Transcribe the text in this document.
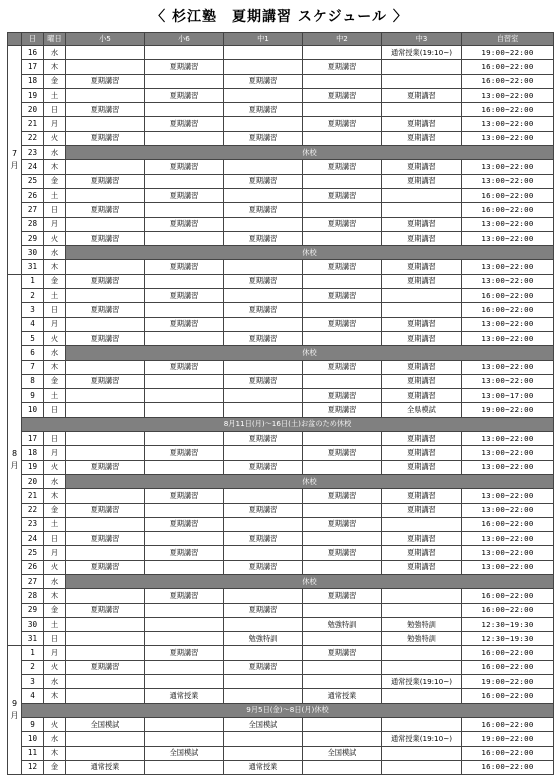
〈 杉江塾　夏期講習 スケジュール 〉
	日	曜日	小5	小6	中1	中2	中3	自習室
7
月	16	水					通常授業(19:10~)	19:00~22:00
	17	木		夏期講習		夏期講習		16:00~22:00
	18	金	夏期講習		夏期講習			16:00~22:00
	19	土		夏期講習		夏期講習	夏期講習	13:00~22:00
	20	日	夏期講習		夏期講習			16:00~22:00
	21	月		夏期講習		夏期講習	夏期講習	13:00~22:00
	22	火	夏期講習		夏期講習		夏期講習	13:00~22:00
	23	水	休校					
	24	木		夏期講習		夏期講習	夏期講習	13:00~22:00
	25	金	夏期講習		夏期講習		夏期講習	13:00~22:00
	26	土		夏期講習		夏期講習		16:00~22:00
	27	日	夏期講習		夏期講習			16:00~22:00
	28	月		夏期講習		夏期講習	夏期講習	13:00~22:00
	29	火	夏期講習		夏期講習		夏期講習	13:00~22:00
	30	水	休校					
	31	木		夏期講習		夏期講習	夏期講習	13:00~22:00
8
月	1	金	夏期講習		夏期講習		夏期講習	13:00~22:00
	2	土		夏期講習		夏期講習		16:00~22:00
	3	日	夏期講習		夏期講習			16:00~22:00
	4	月		夏期講習		夏期講習	夏期講習	13:00~22:00
	5	火	夏期講習		夏期講習		夏期講習	13:00~22:00
	6	水	休校					
	7	木		夏期講習		夏期講習	夏期講習	13:00~22:00
	8	金	夏期講習		夏期講習		夏期講習	13:00~22:00
	9	土				夏期講習	夏期講習	13:00~17:00
	10	日				夏期講習	全県模試	19:00~22:00
	8月11日(月)～16日(土)お盆のため休校							
	17	日			夏期講習		夏期講習	13:00~22:00
	18	月		夏期講習		夏期講習	夏期講習	13:00~22:00
	19	火	夏期講習		夏期講習		夏期講習	13:00~22:00
	20	水	休校					
	21	木		夏期講習		夏期講習	夏期講習	13:00~22:00
	22	金	夏期講習		夏期講習		夏期講習	13:00~22:00
	23	土		夏期講習		夏期講習		16:00~22:00
	24	日	夏期講習		夏期講習		夏期講習	13:00~22:00
	25	月		夏期講習		夏期講習	夏期講習	13:00~22:00
	26	火	夏期講習		夏期講習		夏期講習	13:00~22:00
	27	水	休校					
	28	木		夏期講習		夏期講習		16:00~22:00
	29	金	夏期講習		夏期講習			16:00~22:00
	30	土				勉強特訓	勉強特訓	12:30~19:30
	31	日			勉強特訓		勉強特訓	12:30~19:30
9
月	1	月		夏期講習		夏期講習		16:00~22:00
	2	火	夏期講習		夏期講習			16:00~22:00
	3	水					通常授業(19:10~)	19:00~22:00
	4	木		通常授業		通常授業		16:00~22:00
	9月5日(金)～8日(月)休校							
	9	火	全国模試		全国模試			16:00~22:00
	10	水					通常授業(19:10~)	19:00~22:00
	11	木		全国模試		全国模試		16:00~22:00
	12	金	通常授業		通常授業			16:00~22:00
